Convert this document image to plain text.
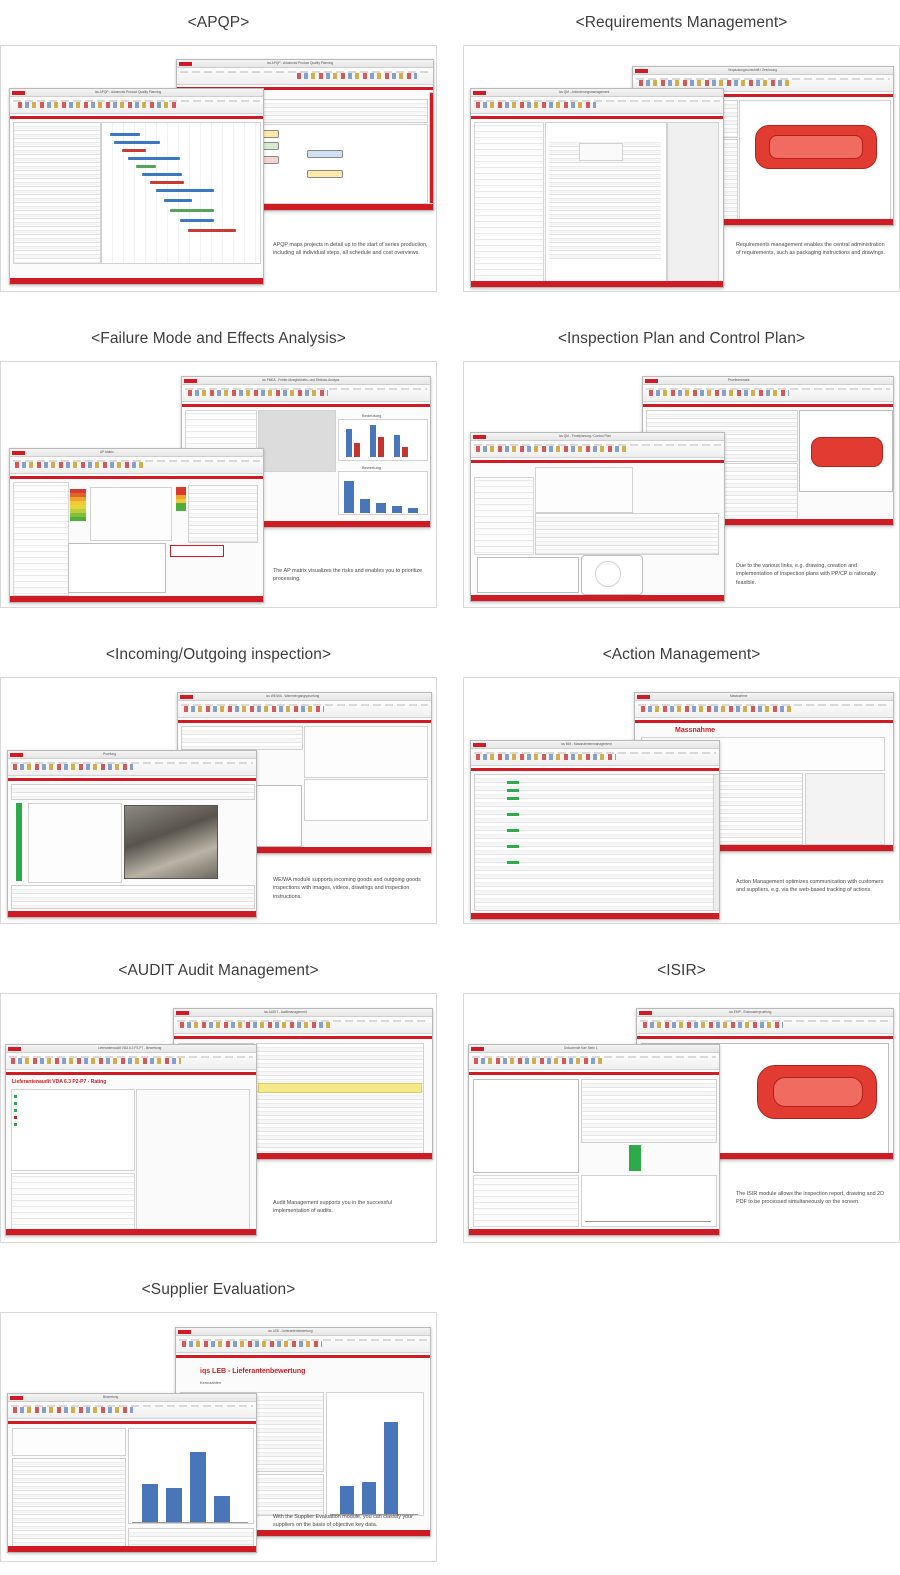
<APQP>
ics APQP - Advanced Product Quality Planning
ics APQP - Advanced Product Quality Planning
APQP maps projects in detail up to the start of series production, including all individual steps, all schedule and cost overviews.
<Requirements Management>
Verpackungsvorschrift / Zeichnung
ics QM - Anforderungsmanagement
Requirements management enables the central administration of requirements, such as packaging instructions and drawings.
<Failure Mode and Effects Analysis>
ics FMEA - Fehler-Moeglichkeits- und Einfluss-Analyse
Bedeutung
Bewertung
AP Matrix
The AP matrix visualizes the risks and enables you to prioritize processing.
<Inspection Plan and Control Plan>
Pruefmerkmale
ics QM - Pruefplanung / Control Plan
Due to the various links, e.g. drawing, creation and implementation of inspection plans with PP/CP is rationally feasible.
<Incoming/Outgoing inspection>
ics WE/WA - Wareneingangspruefung
Pruefung
WE/WA module supports incoming goods and outgoing goods inspections with images, videos, drawings and inspection instructions.
<Action Management>
Massnahme
Massnahme
ics MM - Massnahmenmanagement
Action Management optimizes communication with customers and suppliers, e.g. via the web-based tracking of actions.
<AUDIT Audit Management>
ics AUDIT - Auditmanagement
Lieferantenaudit VDA 6.3 P2-P7 - Bewertung
Lieferantenaudit VDA 6.3 P2-P7 - Rating
Audit Management supports you in the successful implementation of audits.
<ISIR>
ics EMP - Erstmusterpruefung
Dokumente fuer Serie 1
The ISIR module allows the inspection report, drawing and 2D PDF to be processed simultaneously on the screen.
<Supplier Evaluation>
ics LEB - Lieferantenbewertung
iqs LEB - Lieferantenbewertung
Kennzahlen
Bewertung
With the Supplier Evaluation module, you can classify your suppliers on the basis of objective key data.
